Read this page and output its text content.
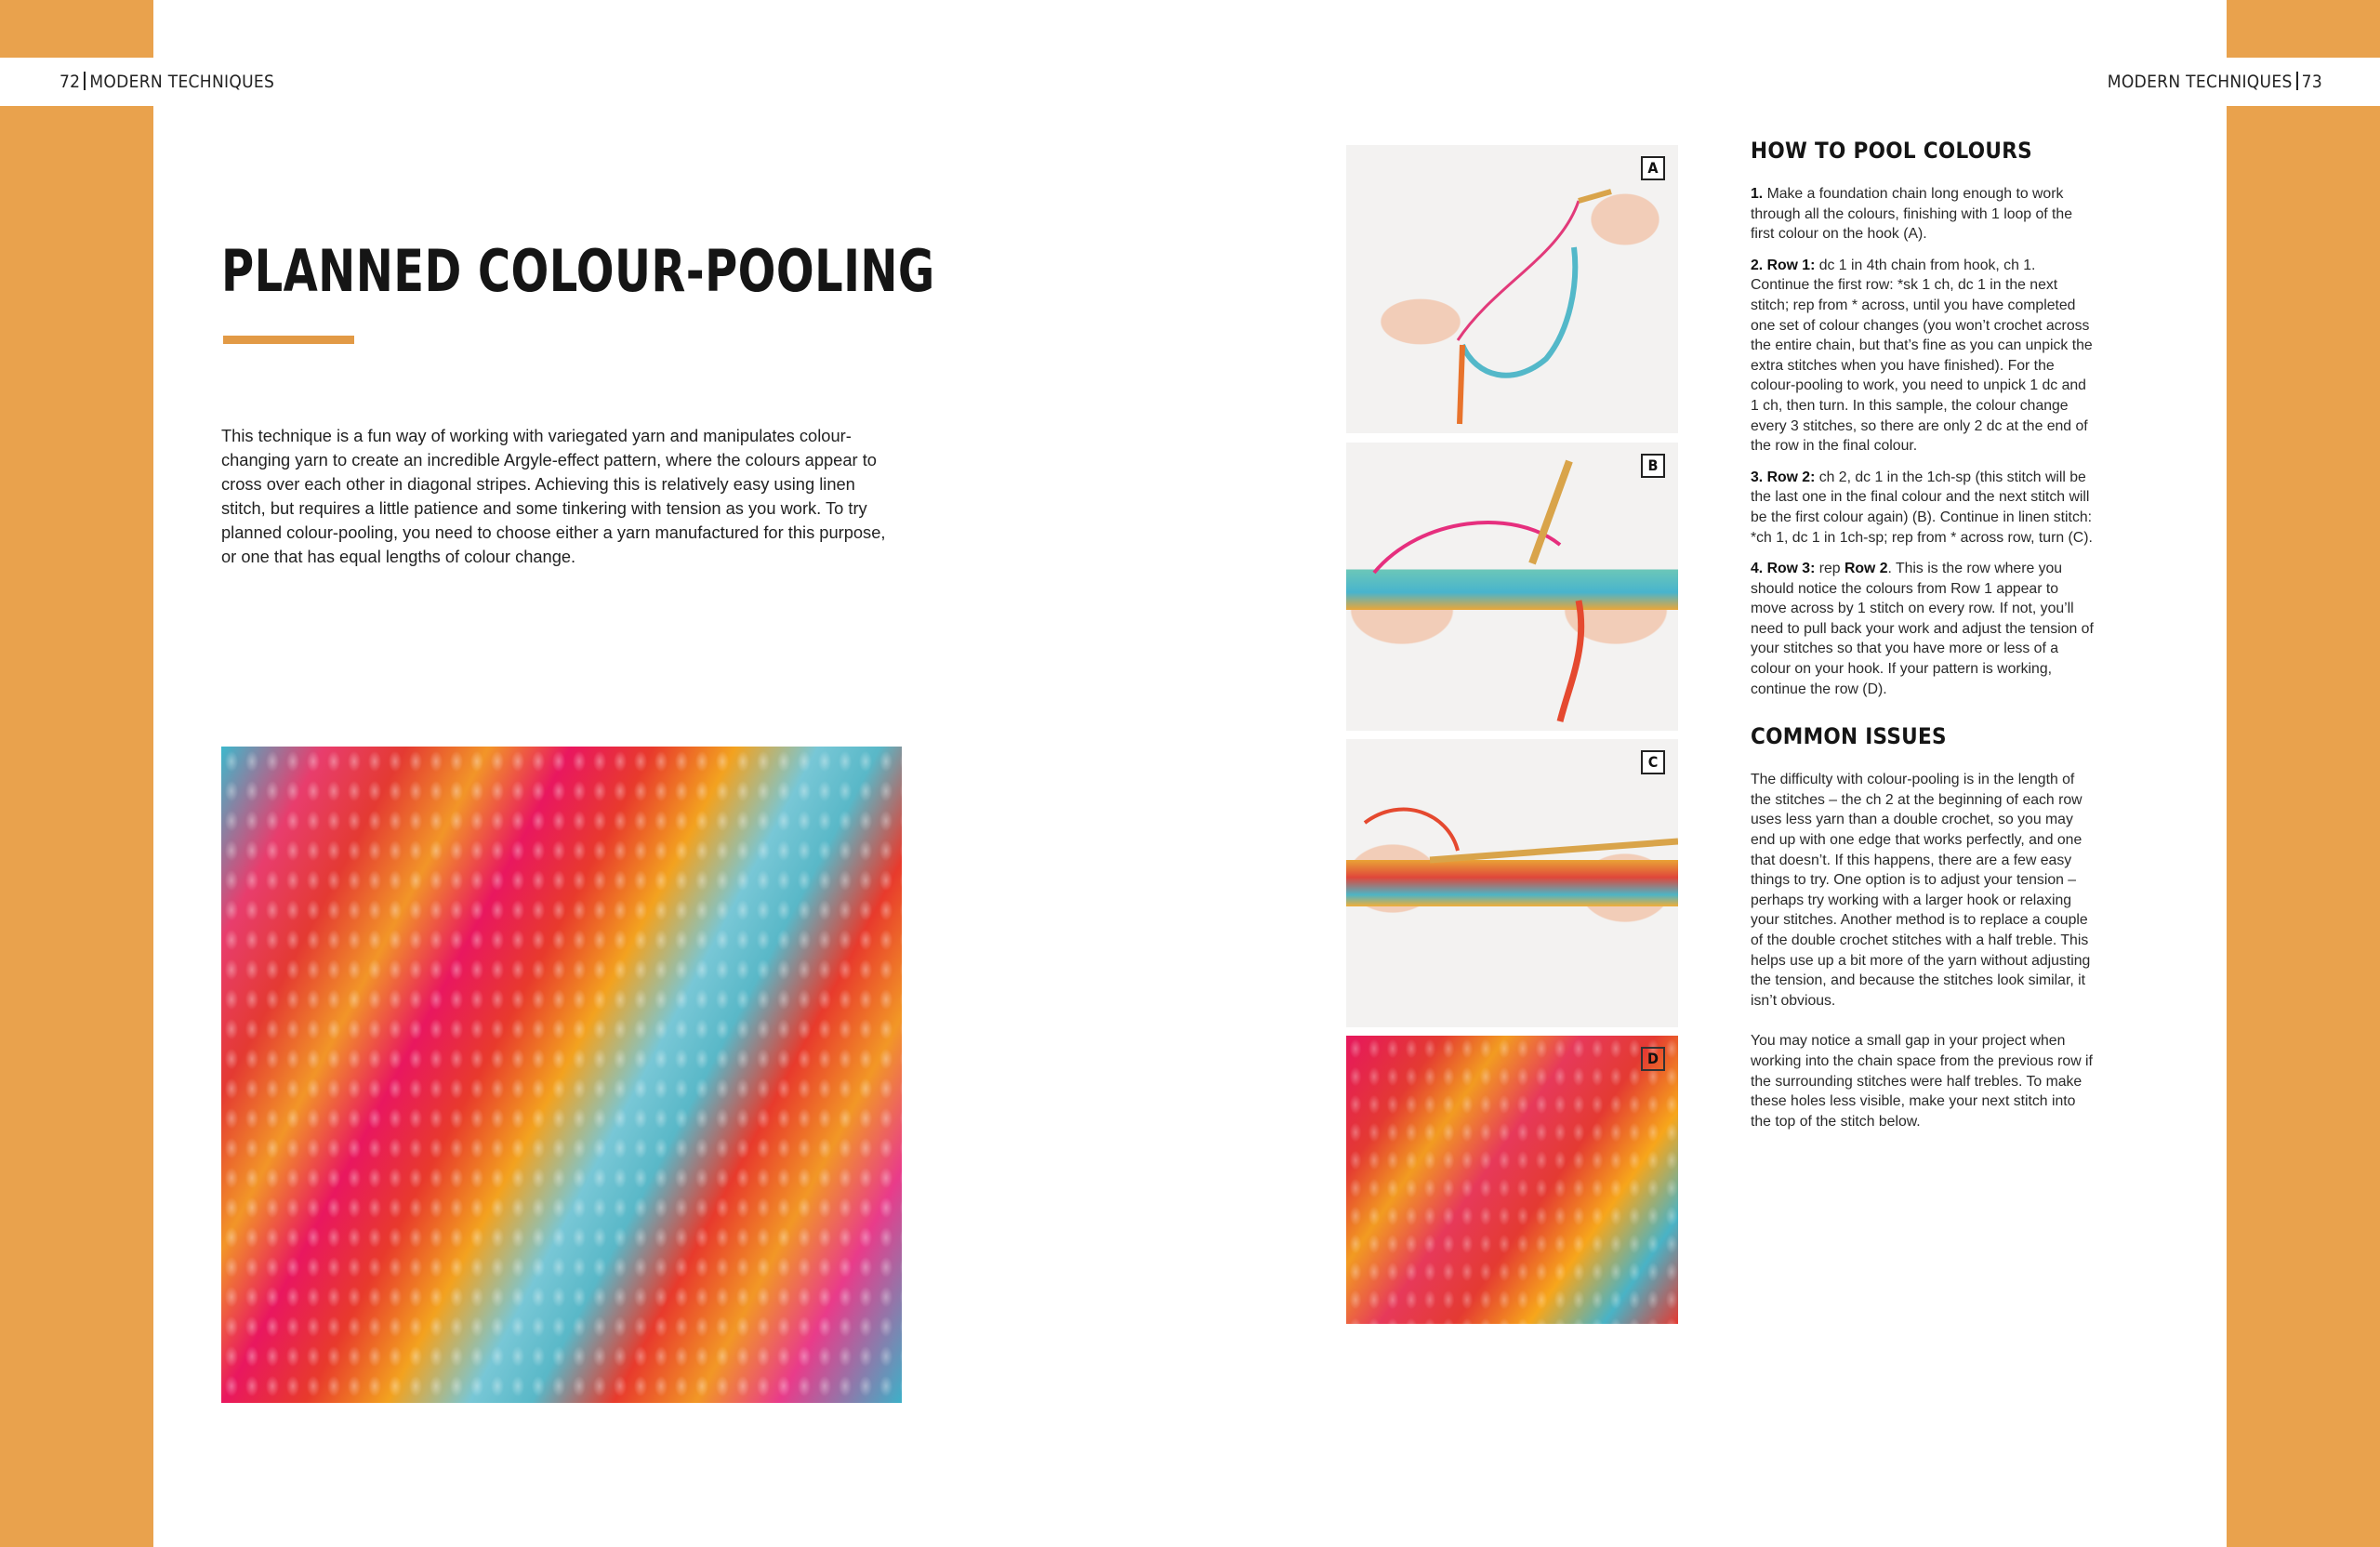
72 MODERN TECHNIQUES
PLANNED COLOUR-POOLING

This technique is a fun way of working with variegated yarn and manipulates colour-changing yarn to create an incredible Argyle-effect pattern, where the colours appear to cross over each other in diagonal stripes. Achieving this is relatively easy using linen stitch, but requires a little patience and some tinkering with tension as you work. To try planned colour-pooling, you need to choose either a yarn manufactured for this purpose, or one that has equal lengths of colour change.

MODERN TECHNIQUES 73
A
B
C
D
HOW TO POOL COLOURS

1. Make a foundation chain long enough to work through all the colours, finishing with 1 loop of the first colour on the hook (A).

2. Row 1: dc 1 in 4th chain from hook, ch 1. Continue the first row: *sk 1 ch, dc 1 in the next stitch; rep from * across, until you have completed one set of colour changes (you won’t crochet across the entire chain, but that’s fine as you can unpick the extra stitches when you have finished). For the colour-pooling to work, you need to unpick 1 dc and 1 ch, then turn. In this sample, the colour change every 3 stitches, so there are only 2 dc at the end of the row in the final colour.

3. Row 2: ch 2, dc 1 in the 1ch-sp (this stitch will be the last one in the final colour and the next stitch will be the first colour again) (B). Continue in linen stitch: *ch 1, dc 1 in 1ch-sp; rep from * across row, turn (C).

4. Row 3: rep Row 2. This is the row where you should notice the colours from Row 1 appear to move across by 1 stitch on every row. If not, you’ll need to pull back your work and adjust the tension of your stitches so that you have more or less of a colour on your hook. If your pattern is working, continue the row (D).

COMMON ISSUES

The difficulty with colour-pooling is in the length of the stitches – the ch 2 at the beginning of each row uses less yarn than a double crochet, so you may end up with one edge that works perfectly, and one that doesn’t. If this happens, there are a few easy things to try. One option is to adjust your tension – perhaps try working with a larger hook or relaxing your stitches. Another method is to replace a couple of the double crochet stitches with a half treble. This helps use up a bit more of the yarn without adjusting the tension, and because the stitches look similar, it isn’t obvious.

You may notice a small gap in your project when working into the chain space from the previous row if the surrounding stitches were half trebles. To make these holes less visible, make your next stitch into the top of the stitch below.
